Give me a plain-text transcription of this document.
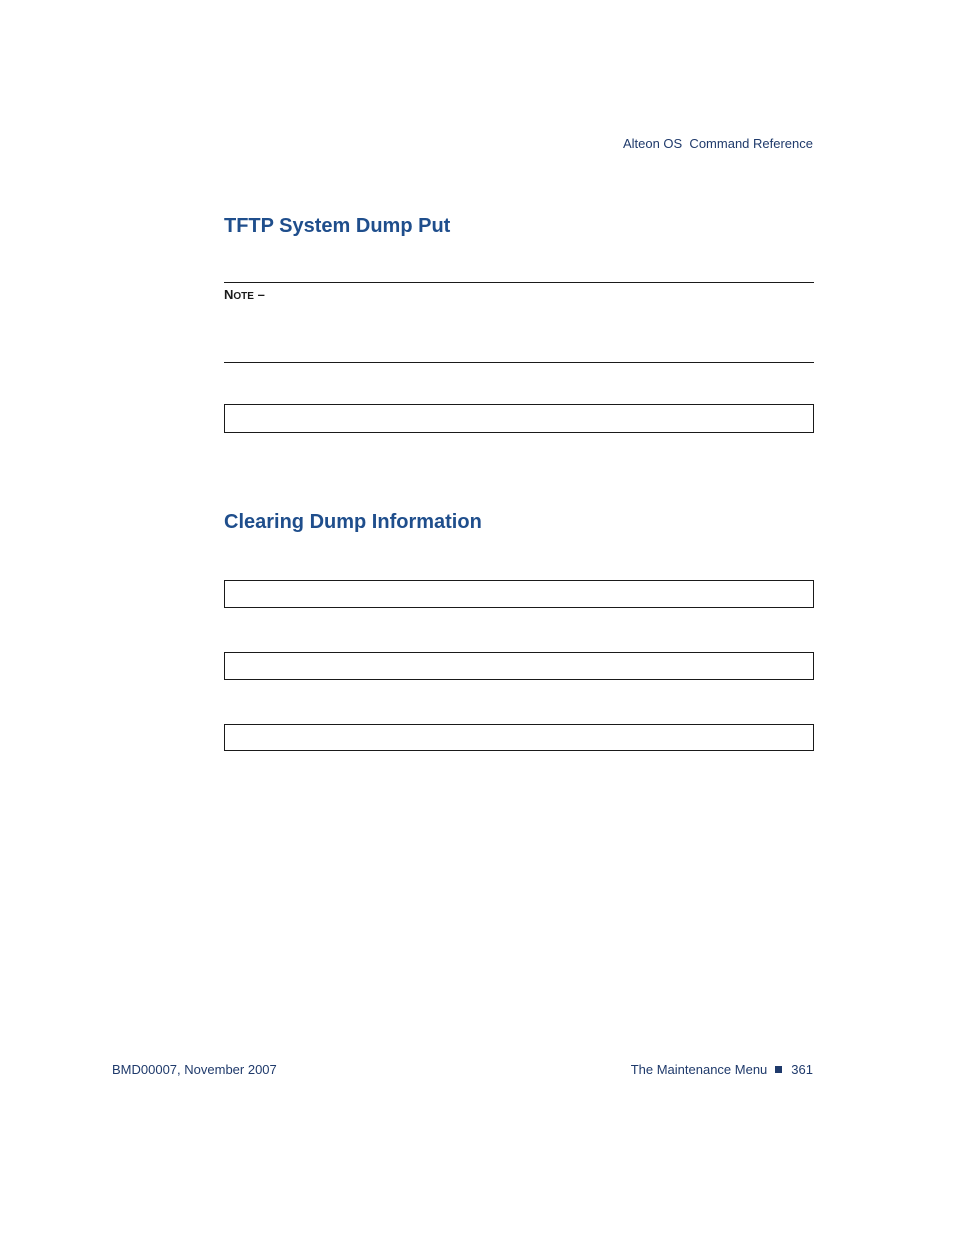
Alteon OS  Command Reference
TFTP System Dump Put
NOTE –
Clearing Dump Information
BMD00007, November 2007	The Maintenance Menu 361
